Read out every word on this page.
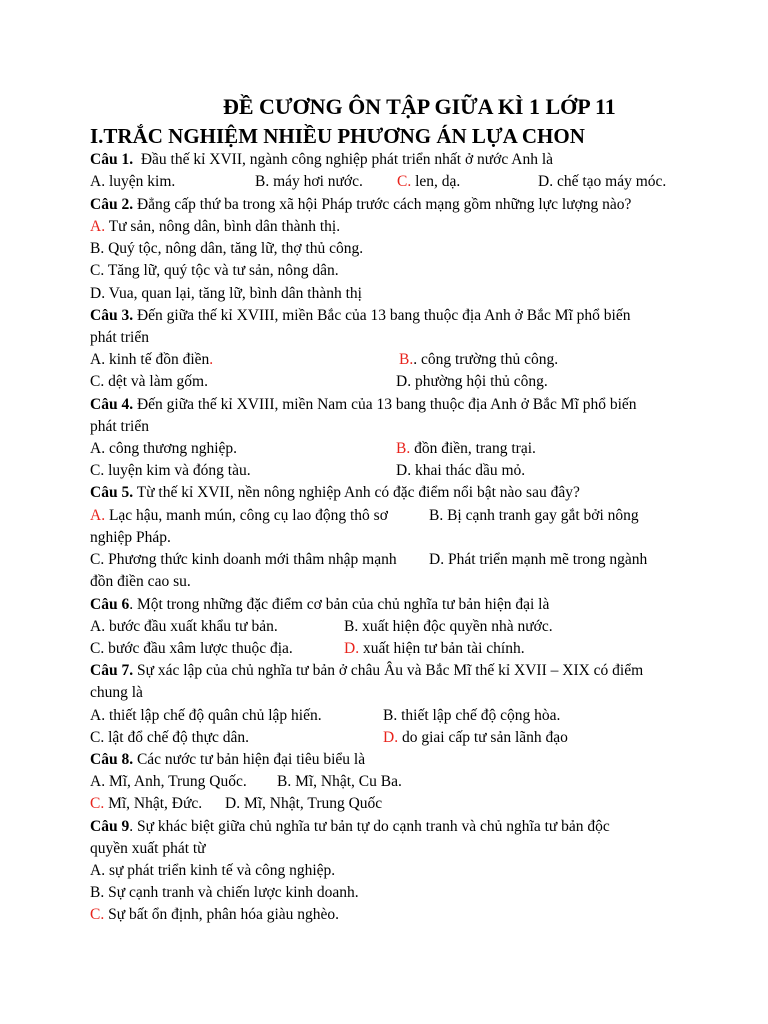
ĐỀ CƯƠNG ÔN TẬP GIỮA KÌ 1 LỚP 11
I.TRẮC NGHIỆM NHIỀU PHƯƠNG ÁN LỰA CHON
Câu 1. Đầu thế kỉ XVII, ngành công nghiệp phát triển nhất ở nước Anh là
A. luyện kim.	B. máy hơi nước. C. len, dạ.	D. chế tạo máy móc.
Câu 2. Đẳng cấp thứ ba trong xã hội Pháp trước cách mạng gồm những lực lượng nào?
A. Tư sản, nông dân, bình dân thành thị.
B. Quý tộc, nông dân, tăng lữ, thợ thủ công.
C. Tăng lữ, quý tộc và tư sản, nông dân.
D. Vua, quan lại, tăng lữ, bình dân thành thị
Câu 3. Đến giữa thế kỉ XVIII, miền Bắc của 13 bang thuộc địa Anh ở Bắc Mĩ phổ biến
phát triển
A. kinh tế đồn điền.	B.. công trường thủ công.
C. dệt và làm gốm.	D. phường hội thủ công.
Câu 4. Đến giữa thế kỉ XVIII, miền Nam của 13 bang thuộc địa Anh ở Bắc Mĩ phổ biến
phát triển
A. công thương nghiệp.	B. đồn điền, trang trại.
C. luyện kim và đóng tàu.	D. khai thác dầu mỏ.
Câu 5. Từ thế kỉ XVII, nền nông nghiệp Anh có đặc điểm nổi bật nào sau đây?
A. Lạc hậu, manh mún, công cụ lao động thô sơ	B. Bị cạnh tranh gay gắt bởi nông
nghiệp Pháp.
C. Phương thức kinh doanh mới thâm nhập mạnh D. Phát triển mạnh mẽ trong ngành
đồn điền cao su.
Câu 6. Một trong những đặc điểm cơ bản của chủ nghĩa tư bản hiện đại là
A. bước đầu xuất khẩu tư bản.	B. xuất hiện độc quyền nhà nước.
C. bước đầu xâm lược thuộc địa.	D. xuất hiện tư bản tài chính.
Câu 7. Sự xác lập của chủ nghĩa tư bản ở châu Âu và Bắc Mĩ thế kỉ XVII – XIX có điểm
chung là
A. thiết lập chế độ quân chủ lập hiến.	B. thiết lập chế độ cộng hòa.
C. lật đổ chế độ thực dân.	D. do giai cấp tư sản lãnh đạo
Câu 8. Các nước tư bản hiện đại tiêu biểu là
A. Mĩ, Anh, Trung Quốc. B. Mĩ, Nhật, Cu Ba.
C. Mĩ, Nhật, Đức. D. Mĩ, Nhật, Trung Quốc
Câu 9. Sự khác biệt giữa chủ nghĩa tư bản tự do cạnh tranh và chủ nghĩa tư bản độc
quyền xuất phát từ
A. sự phát triển kinh tế và công nghiệp.
B. Sự cạnh tranh và chiến lược kinh doanh.
C. Sự bất ổn định, phân hóa giàu nghèo.
